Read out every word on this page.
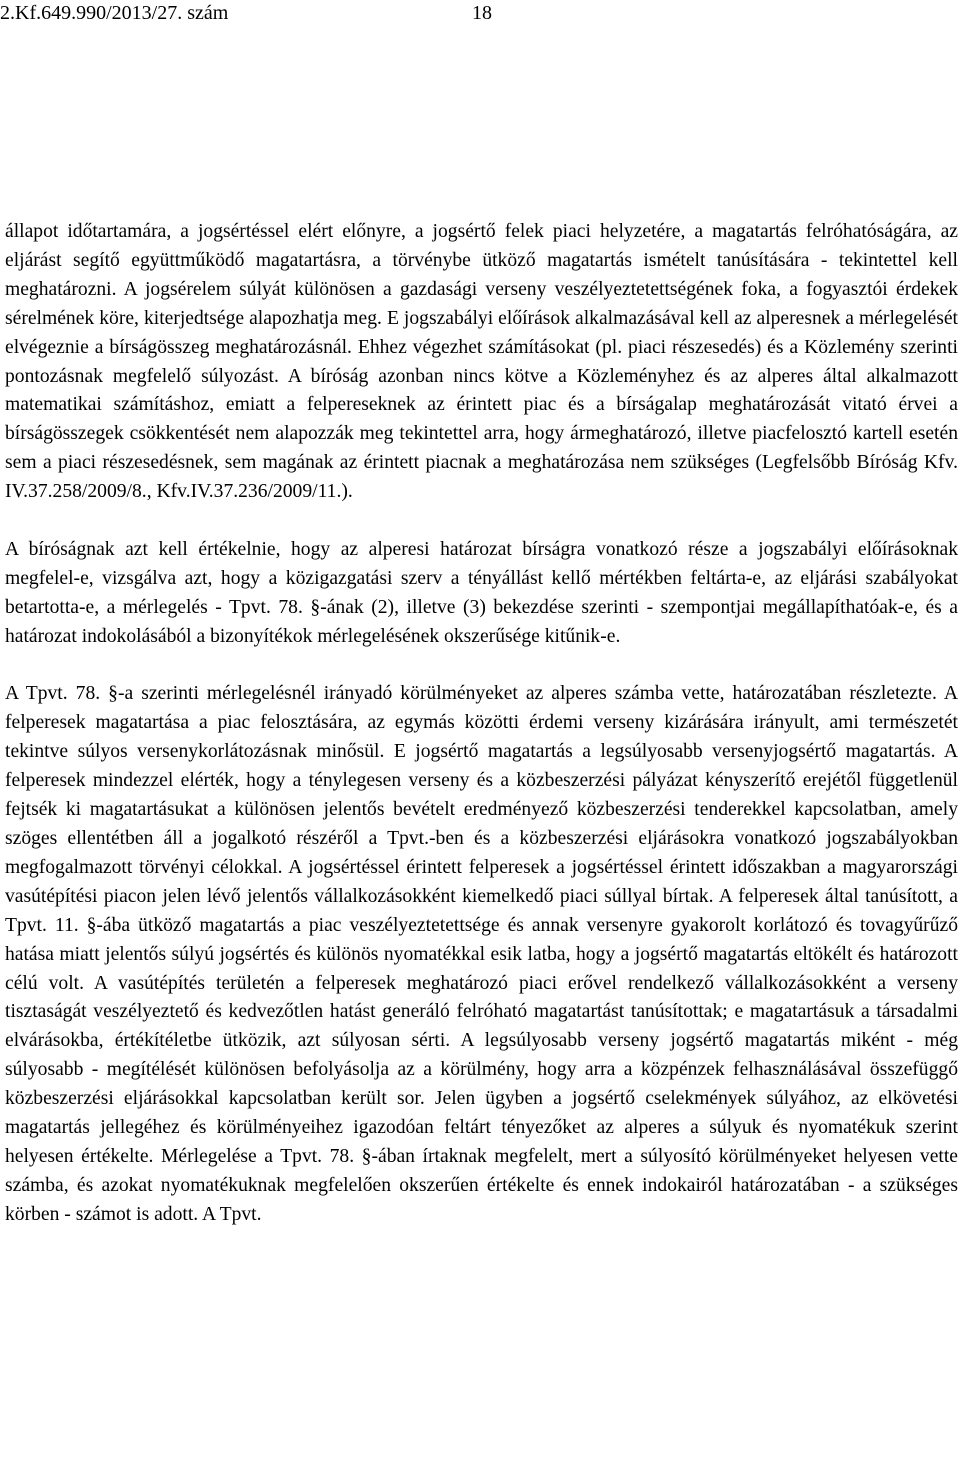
2.Kf.649.990/2013/27. szám	18

állapot időtartamára, a jogsértéssel elért előnyre, a jogsértő felek piaci helyzetére, a magatartás felróhatóságára, az eljárást segítő együttműködő magatartásra, a törvénybe ütköző magatartás ismételt tanúsítására - tekintettel kell meghatározni. A jogsérelem súlyát különösen a gazdasági verseny veszélyeztetettségének foka, a fogyasztói érdekek sérelmének köre, kiterjedtsége alapozhatja meg. E jogszabályi előírások alkalmazásával kell az alperesnek a mérlegelését elvégeznie a bírságösszeg meghatározásnál. Ehhez végezhet számításokat (pl. piaci részesedés) és a Közlemény szerinti pontozásnak megfelelő súlyozást. A bíróság azonban nincs kötve a Közleményhez és az alperes által alkalmazott matematikai számításhoz, emiatt a felpereseknek az érintett piac és a bírságalap meghatározását vitató érvei a bírságösszegek csökkentését nem alapozzák meg tekintettel arra, hogy ármeghatározó, illetve piacfelosztó kartell esetén sem a piaci részesedésnek, sem magának az érintett piacnak a meghatározása nem szükséges (Legfelsőbb Bíróság Kfv. IV.37.258/2009/8., Kfv.IV.37.236/2009/11.).

A bíróságnak azt kell értékelnie, hogy az alperesi határozat bírságra vonatkozó része a jogszabályi előírásoknak megfelel-e, vizsgálva azt, hogy a közigazgatási szerv a tényállást kellő mértékben feltárta-e, az eljárási szabályokat betartotta-e, a mérlegelés - Tpvt. 78. §-ának (2), illetve (3) bekezdése szerinti - szempontjai megállapíthatóak-e, és a határozat indokolásából a bizonyítékok mérlegelésének okszerűsége kitűnik-e.

A Tpvt. 78. §-a szerinti mérlegelésnél irányadó körülményeket az alperes számba vette, határozatában részletezte. A felperesek magatartása a piac felosztására, az egymás közötti érdemi verseny kizárására irányult, ami természetét tekintve súlyos versenykorlátozásnak minősül. E jogsértő magatartás a legsúlyosabb versenyjogsértő magatartás. A felperesek mindezzel elérték, hogy a ténylegesen verseny és a közbeszerzési pályázat kényszerítő erejétől függetlenül fejtsék ki magatartásukat a különösen jelentős bevételt eredményező közbeszerzési tenderekkel kapcsolatban, amely szöges ellentétben áll a jogalkotó részéről a Tpvt.-ben és a közbeszerzési eljárásokra vonatkozó jogszabályokban megfogalmazott törvényi célokkal. A jogsértéssel érintett felperesek a jogsértéssel érintett időszakban a magyarországi vasútépítési piacon jelen lévő jelentős vállalkozásokként kiemelkedő piaci súllyal bírtak. A felperesek által tanúsított, a Tpvt. 11. §-ába ütköző magatartás a piac veszélyeztetettsége és annak versenyre gyakorolt korlátozó és tovagyűrűző hatása miatt jelentős súlyú jogsértés és különös nyomatékkal esik latba, hogy a jogsértő magatartás eltökélt és határozott célú volt. A vasútépítés területén a felperesek meghatározó piaci erővel rendelkező vállalkozásokként a verseny tisztaságát veszélyeztető és kedvezőtlen hatást generáló felróható magatartást tanúsítottak; e magatartásuk a társadalmi elvárásokba, értékítéletbe ütközik, azt súlyosan sérti. A legsúlyosabb verseny jogsértő magatartás miként - még súlyosabb - megítélését különösen befolyásolja az a körülmény, hogy arra a közpénzek felhasználásával összefüggő közbeszerzési eljárásokkal kapcsolatban került sor. Jelen ügyben a jogsértő cselekmények súlyához, az elkövetési magatartás jellegéhez és körülményeihez igazodóan feltárt tényezőket az alperes a súlyuk és nyomatékuk szerint helyesen értékelte. Mérlegelése a Tpvt. 78. §-ában írtaknak megfelelt, mert a súlyosító körülményeket helyesen vette számba, és azokat nyomatékuknak megfelelően okszerűen értékelte és ennek indokairól határozatában - a szükséges körben - számot is adott. A Tpvt.
